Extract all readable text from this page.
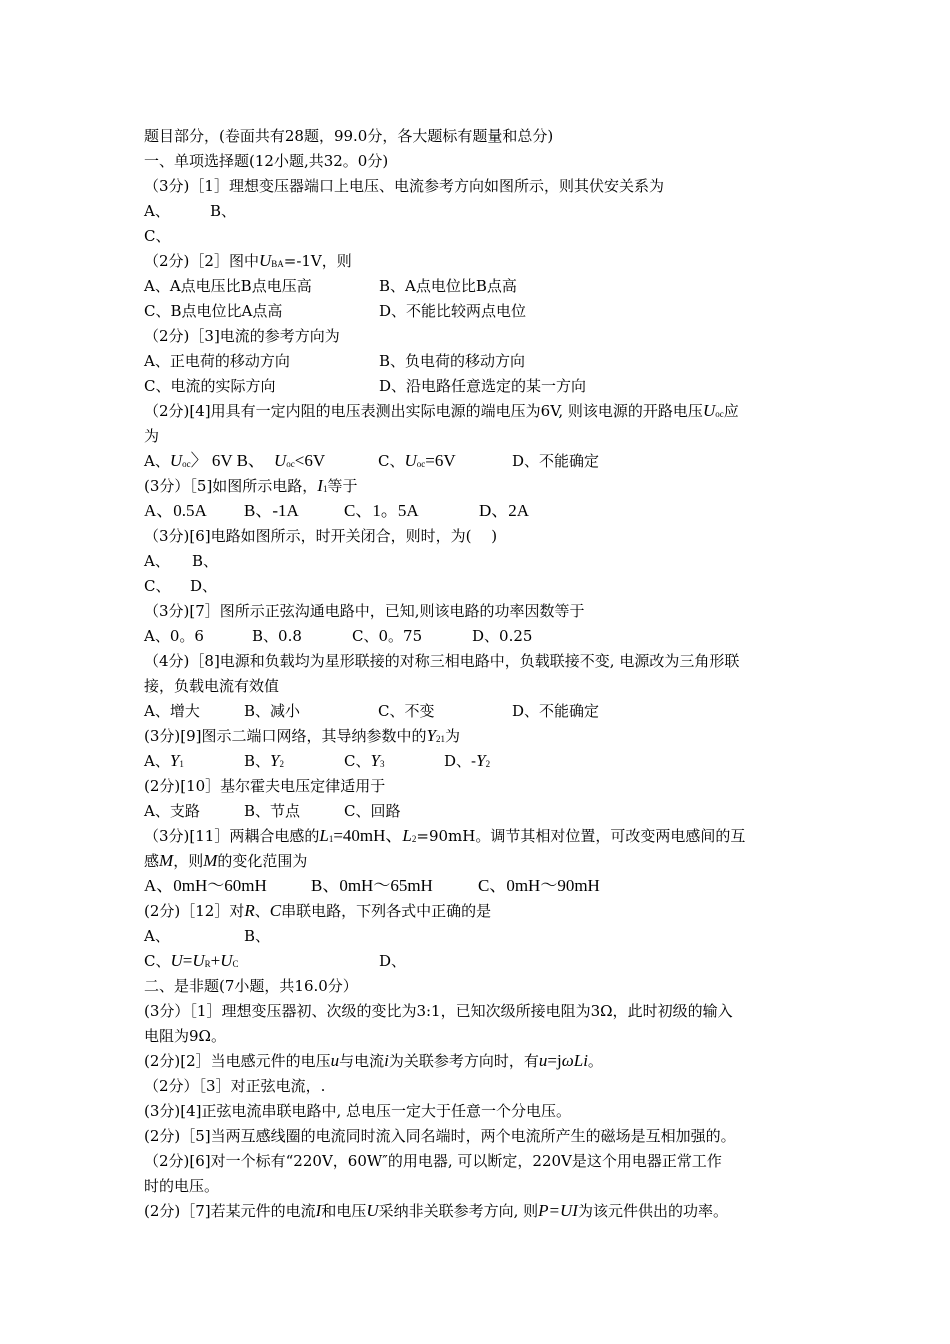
题目部分，(卷面共有28题，99.0分，各大题标有题量和总分)
一、单项选择题(12小题,共32。0分)
（3分)［1］理想变压器端口上电压、电流参考方向如图所示，则其伏安关系为
A、	B、
C、
（2分)［2］图中$U_{BA}=-1V$，则
A、A点电压比B点电压高	B、A点电位比B点高
C、B点电位比A点高	D、不能比较两点电位
（2分)［3]电流的参考方向为
A、正电荷的移动方向	B、负电荷的移动方向
C、电流的实际方向	D、沿电路任意选定的某一方向
（2分)[4]用具有一定内阻的电压表测出实际电源的端电压为6V, 则该电源的开路电压$U_{oc}$应
为
A、$U_{oc}$〉 6V B、 $U_{oc}<6V$	C、$U_{oc}=6V$	D、不能确定
(3分）［5]如图所示电路，$I_1$等于
A、0.5A B、-1A	C、1。5A	D、2A
（3分)[6]电路如图所示，时开关闭合，则时，为(　 )
A、 B、
C、 D、
（3分)[7］图所示正弦沟通电路中，已知,则该电路的功率因数等于
A、0。6	B、0.8	C、0。75	D、0.25
（4分)［8]电源和负载均为星形联接的对称三相电路中，负载联接不变, 电源改为三角形联
接，负载电流有效值
A、增大	B、减小	C、不变	D、不能确定
(3分)[9]图示二端口网络，其导纳参数中的$Y_{21}$为
A、$Y_1$	B、$Y_2$	C、$Y_3$	D、$-Y_2$
(2分)[10］基尔霍夫电压定律适用于
A、支路	B、节点	C、回路
（3分)[11］两耦合电感的$L_1=40mH$、$L_2=90mH$。调节其相对位置，可改变两电感间的互
感M，则M的变化范围为
A、0mH～60mH	B、0mH～65mH	C、0mH～90mH
(2分)［12］对R、C串联电路，下列各式中正确的是
A、	B、
C、$U=U_R+U_C$	D、
二、是非题(7小题，共16.0分）
(3分）［1］理想变压器初、次级的变比为3:1，已知次级所接电阻为3Ω，此时初级的输入
电阻为9Ω。
(2分)[2］当电感元件的电压u与电流i为关联参考方向时，有u=jωLi。
（2分）［3］对正弦电流，.
(3分)[4]正弦电流串联电路中, 总电压一定大于任意一个分电压。
(2分)［5]当两互感线圈的电流同时流入同名端时，两个电流所产生的磁场是互相加强的。
（2分)[6]对一个标有“220V，60W″的用电器, 可以断定，220V是这个用电器正常工作
时的电压。
(2分)［7]若某元件的电流I和电压U采纳非关联参考方向, 则P=UI为该元件供出的功率。
